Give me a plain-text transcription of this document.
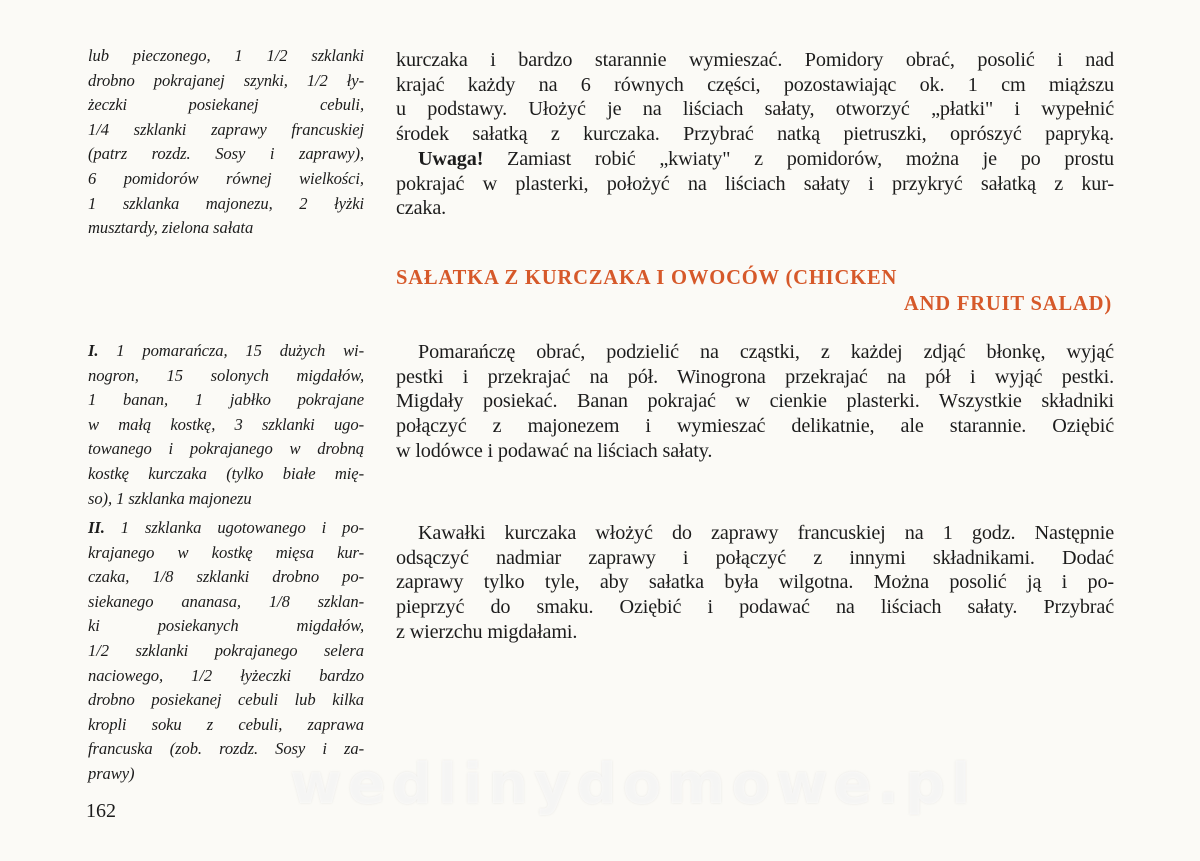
lub pieczonego, 1 1/2 szklanki
drobno pokrajanej szynki, 1/2 ły-
żeczki posiekanej cebuli,
1/4 szklanki zaprawy francuskiej
(patrz rozdz. Sosy i zaprawy),
6 pomidorów równej wielkości,
1 szklanka majonezu, 2 łyżki
musztardy, zielona sałata
I. 1 pomarańcza, 15 dużych wi-
nogron, 15 solonych migdałów,
1 banan, 1 jabłko pokrajane
w małą kostkę, 3 szklanki ugo-
towanego i pokrajanego w drobną
kostkę kurczaka (tylko białe mię-
so), 1 szklanka majonezu
II. 1 szklanka ugotowanego i po-
krajanego w kostkę mięsa kur-
czaka, 1/8 szklanki drobno po-
siekanego ananasa, 1/8 szklan-
ki posiekanych migdałów,
1/2 szklanki pokrajanego selera
naciowego, 1/2 łyżeczki bardzo
drobno posiekanej cebuli lub kilka
kropli soku z cebuli, zaprawa
francuska (zob. rozdz. Sosy i za-
prawy)
kurczaka i bardzo starannie wymieszać. Pomidory obrać, posolić i nad
krajać każdy na 6 równych części, pozostawiając ok. 1 cm miąższu
u podstawy. Ułożyć je na liściach sałaty, otworzyć „płatki" i wypełnić
środek sałatką z kurczaka. Przybrać natką pietruszki, oprószyć papryką.
Uwaga! Zamiast robić „kwiaty" z pomidorów, można je po prostu
pokrajać w plasterki, położyć na liściach sałaty i przykryć sałatką z kur-
czaka.
SAŁATKA Z KURCZAKA I OWOCÓW (CHICKEN
AND FRUIT SALAD)
Pomarańczę obrać, podzielić na cząstki, z każdej zdjąć błonkę, wyjąć
pestki i przekrajać na pół. Winogrona przekrajać na pół i wyjąć pestki.
Migdały posiekać. Banan pokrajać w cienkie plasterki. Wszystkie składniki
połączyć z majonezem i wymieszać delikatnie, ale starannie. Oziębić
w lodówce i podawać na liściach sałaty.
Kawałki kurczaka włożyć do zaprawy francuskiej na 1 godz. Następnie
odsączyć nadmiar zaprawy i połączyć z innymi składnikami. Dodać
zaprawy tylko tyle, aby sałatka była wilgotna. Można posolić ją i po-
pieprzyć do smaku. Oziębić i podawać na liściach sałaty. Przybrać
z wierzchu migdałami.
wedlinydomowe.pl
162
